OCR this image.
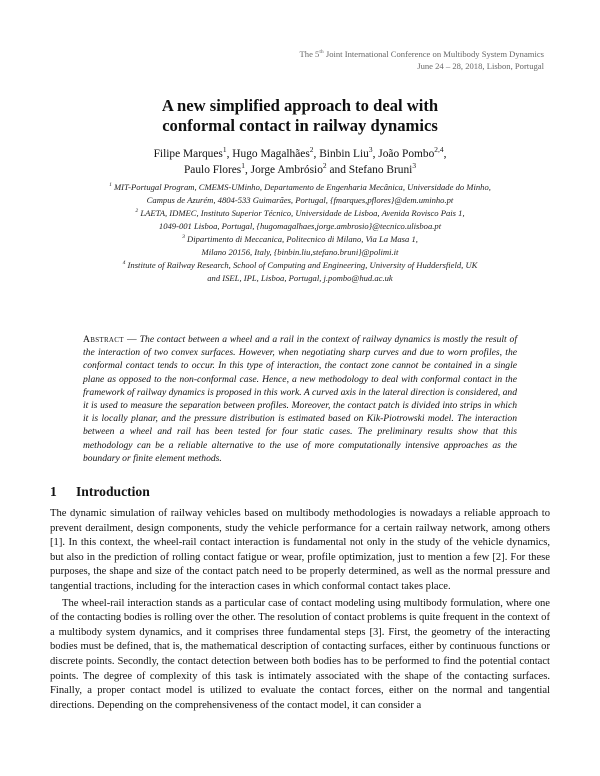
The 5th Joint International Conference on Multibody System Dynamics
June 24 – 28, 2018, Lisbon, Portugal
A new simplified approach to deal with
conformal contact in railway dynamics
Filipe Marques$^1$, Hugo Magalhães$^2$, Binbin Liu$^3$, João Pombo$^{2,4}$,
Paulo Flores$^1$, Jorge Ambrósio$^2$ and Stefano Bruni$^3$
$^1$ MIT-Portugal Program, CMEMS-UMinho, Departamento de Engenharia Mecânica, Universidade do Minho,
Campus de Azurém, 4804-533 Guimarães, Portugal, {fmarques,pflores}@dem.uminho.pt
$^2$ LAETA, IDMEC, Instituto Superior Técnico, Universidade de Lisboa, Avenida Rovisco Pais 1,
1049-001 Lisboa, Portugal, {hugomagalhaes,jorge.ambrosio}@tecnico.ulisboa.pt
$^3$ Dipartimento di Meccanica, Politecnico di Milano, Via La Masa 1,
Milano 20156, Italy, {binbin.liu,stefano.bruni}@polimi.it
$^4$ Institute of Railway Research, School of Computing and Engineering, University of Huddersfield, UK
and ISEL, IPL, Lisboa, Portugal, j.pombo@hud.ac.uk
Abstract — The contact between a wheel and a rail in the context of railway dynamics is mostly the result of the interaction of two convex surfaces. However, when negotiating sharp curves and due to worn profiles, the conformal contact tends to occur. In this type of interaction, the contact zone cannot be contained in a single plane as opposed to the non-conformal case. Hence, a new methodology to deal with conformal contact in the framework of railway dynamics is proposed in this work. A curved axis in the lateral direction is considered, and it is used to measure the separation between profiles. Moreover, the contact patch is divided into strips in which it is locally planar, and the pressure distribution is estimated based on Kik-Piotrowski model. The interaction between a wheel and rail has been tested for four static cases. The preliminary results show that this methodology can be a reliable alternative to the use of more computationally intensive approaches as the boundary or finite element methods.
1 Introduction

The dynamic simulation of railway vehicles based on multibody methodologies is nowadays a reliable approach to prevent derailment, design components, study the vehicle performance for a certain railway network, among others [1]. In this context, the wheel-rail contact interaction is fundamental not only in the study of the vehicle dynamics, but also in the prediction of rolling contact fatigue or wear, profile optimization, just to mention a few [2]. For these purposes, the shape and size of the contact patch need to be properly determined, as well as the normal pressure and tangential tractions, including for the interaction cases in which conformal contact takes place.

The wheel-rail interaction stands as a particular case of contact modeling using multibody formulation, where one of the contacting bodies is rolling over the other. The resolution of contact problems is quite frequent in the context of a multibody system dynamics, and it comprises three fundamental steps [3]. First, the geometry of the interacting bodies must be defined, that is, the mathematical description of contacting surfaces, either by continuous functions or discrete points. Secondly, the contact detection between both bodies has to be performed to find the potential contact points. The degree of complexity of this task is intimately associated with the shape of the contacting surfaces. Finally, a proper contact model is utilized to evaluate the contact forces, either on the normal and tangential directions. Depending on the comprehensiveness of the contact model, it can consider a
